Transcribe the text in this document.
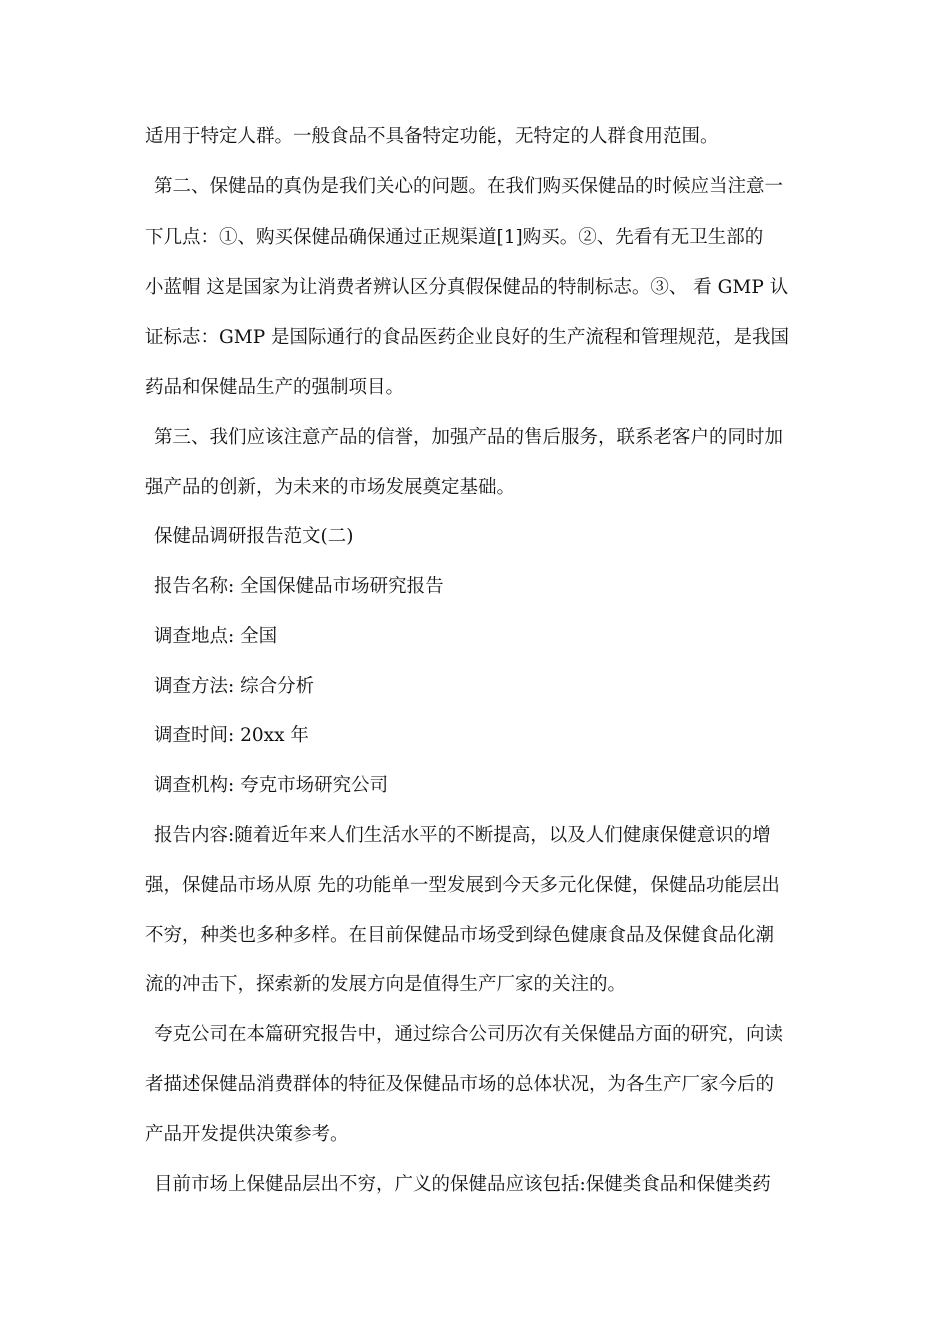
适用于特定人群。一般食品不具备特定功能，无特定的人群食用范围。
第二、保健品的真伪是我们关心的问题。在我们购买保健品的时候应当注意一
下几点：①、购买保健品确保通过正规渠道[1]购买。②、先看有无卫生部的
小蓝帽 这是国家为让消费者辨认区分真假保健品的特制标志。③、 看 GMP 认
证标志：GMP 是国际通行的食品医药企业良好的生产流程和管理规范，是我国
药品和保健品生产的强制项目。
第三、我们应该注意产品的信誉，加强产品的售后服务，联系老客户的同时加
强产品的创新，为未来的市场发展奠定基础。
保健品调研报告范文(二)
报告名称: 全国保健品市场研究报告
调查地点: 全国
调查方法: 综合分析
调查时间: 20xx 年
调查机构: 夸克市场研究公司
报告内容:随着近年来人们生活水平的不断提高，以及人们健康保健意识的增
强，保健品市场从原 先的功能单一型发展到今天多元化保健，保健品功能层出
不穷，种类也多种多样。在目前保健品市场受到绿色健康食品及保健食品化潮
流的冲击下，探索新的发展方向是值得生产厂家的关注的。
夸克公司在本篇研究报告中，通过综合公司历次有关保健品方面的研究，向读
者描述保健品消费群体的特征及保健品市场的总体状况，为各生产厂家今后的
产品开发提供决策参考。
目前市场上保健品层出不穷，广义的保健品应该包括:保健类食品和保健类药
